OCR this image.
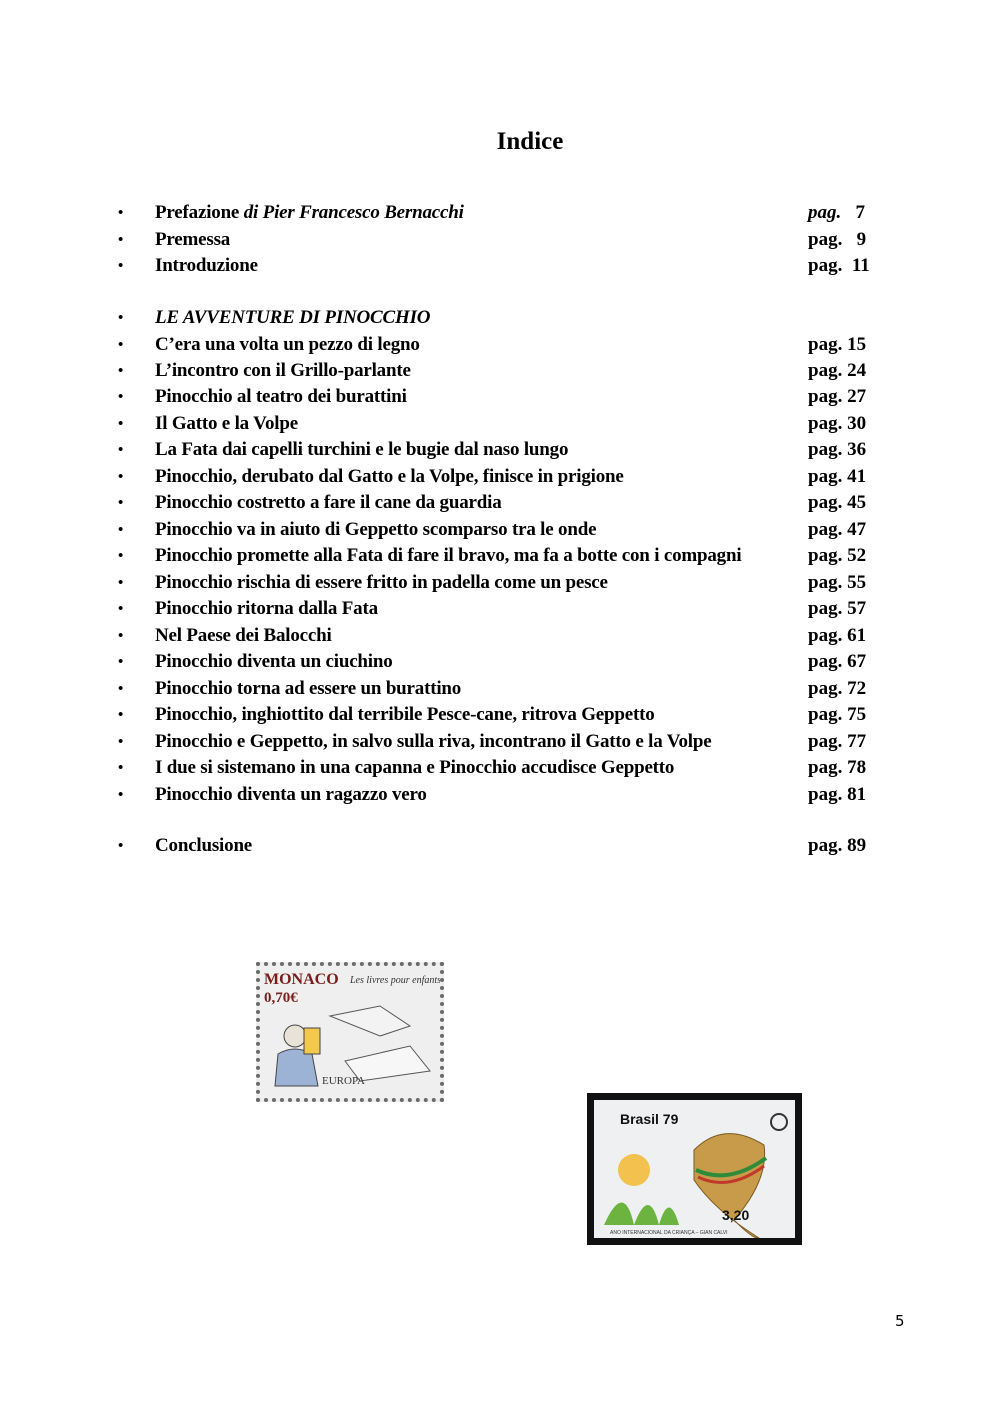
Indice
•	Prefazione di Pier Francesco Bernacchi	pag. 7
•	Premessa	pag. 9
•	Introduzione	pag. 11
•	LE AVVENTURE DI PINOCCHIO
•	C’era una volta un pezzo di legno	pag. 15
•	L’incontro con il Grillo-parlante	pag. 24
•	Pinocchio al teatro dei burattini	pag. 27
•	Il Gatto e la Volpe	pag. 30
•	La Fata dai capelli turchini e le bugie dal naso lungo	pag. 36
•	Pinocchio, derubato dal Gatto e la Volpe, finisce in prigione	pag. 41
•	Pinocchio costretto a fare il cane da guardia	pag. 45
•	Pinocchio va in aiuto di Geppetto scomparso tra le onde	pag. 47
•	Pinocchio promette alla Fata di fare il bravo, ma fa a botte con i compagni	pag. 52
•	Pinocchio rischia di essere fritto in padella come un pesce	pag. 55
•	Pinocchio ritorna dalla Fata	pag. 57
•	Nel Paese dei Balocchi	pag. 61
•	Pinocchio diventa un ciuchino	pag. 67
•	Pinocchio torna ad essere un burattino	pag. 72
•	Pinocchio, inghiottito dal terribile Pesce-cane, ritrova Geppetto	pag. 75
•	Pinocchio e Geppetto, in salvo sulla riva, incontrano il Gatto e la Volpe	pag. 77
•	I due si sistemano in una capanna e Pinocchio accudisce Geppetto	pag. 78
•	Pinocchio diventa un ragazzo vero	pag. 81
•	Conclusione	pag. 89
MONACO Les livres pour enfants
0,70€
EUROPA
Brasil 79
3,20
ANO INTERNACIONAL DA CRIANÇA – GIAN CALVI
5
